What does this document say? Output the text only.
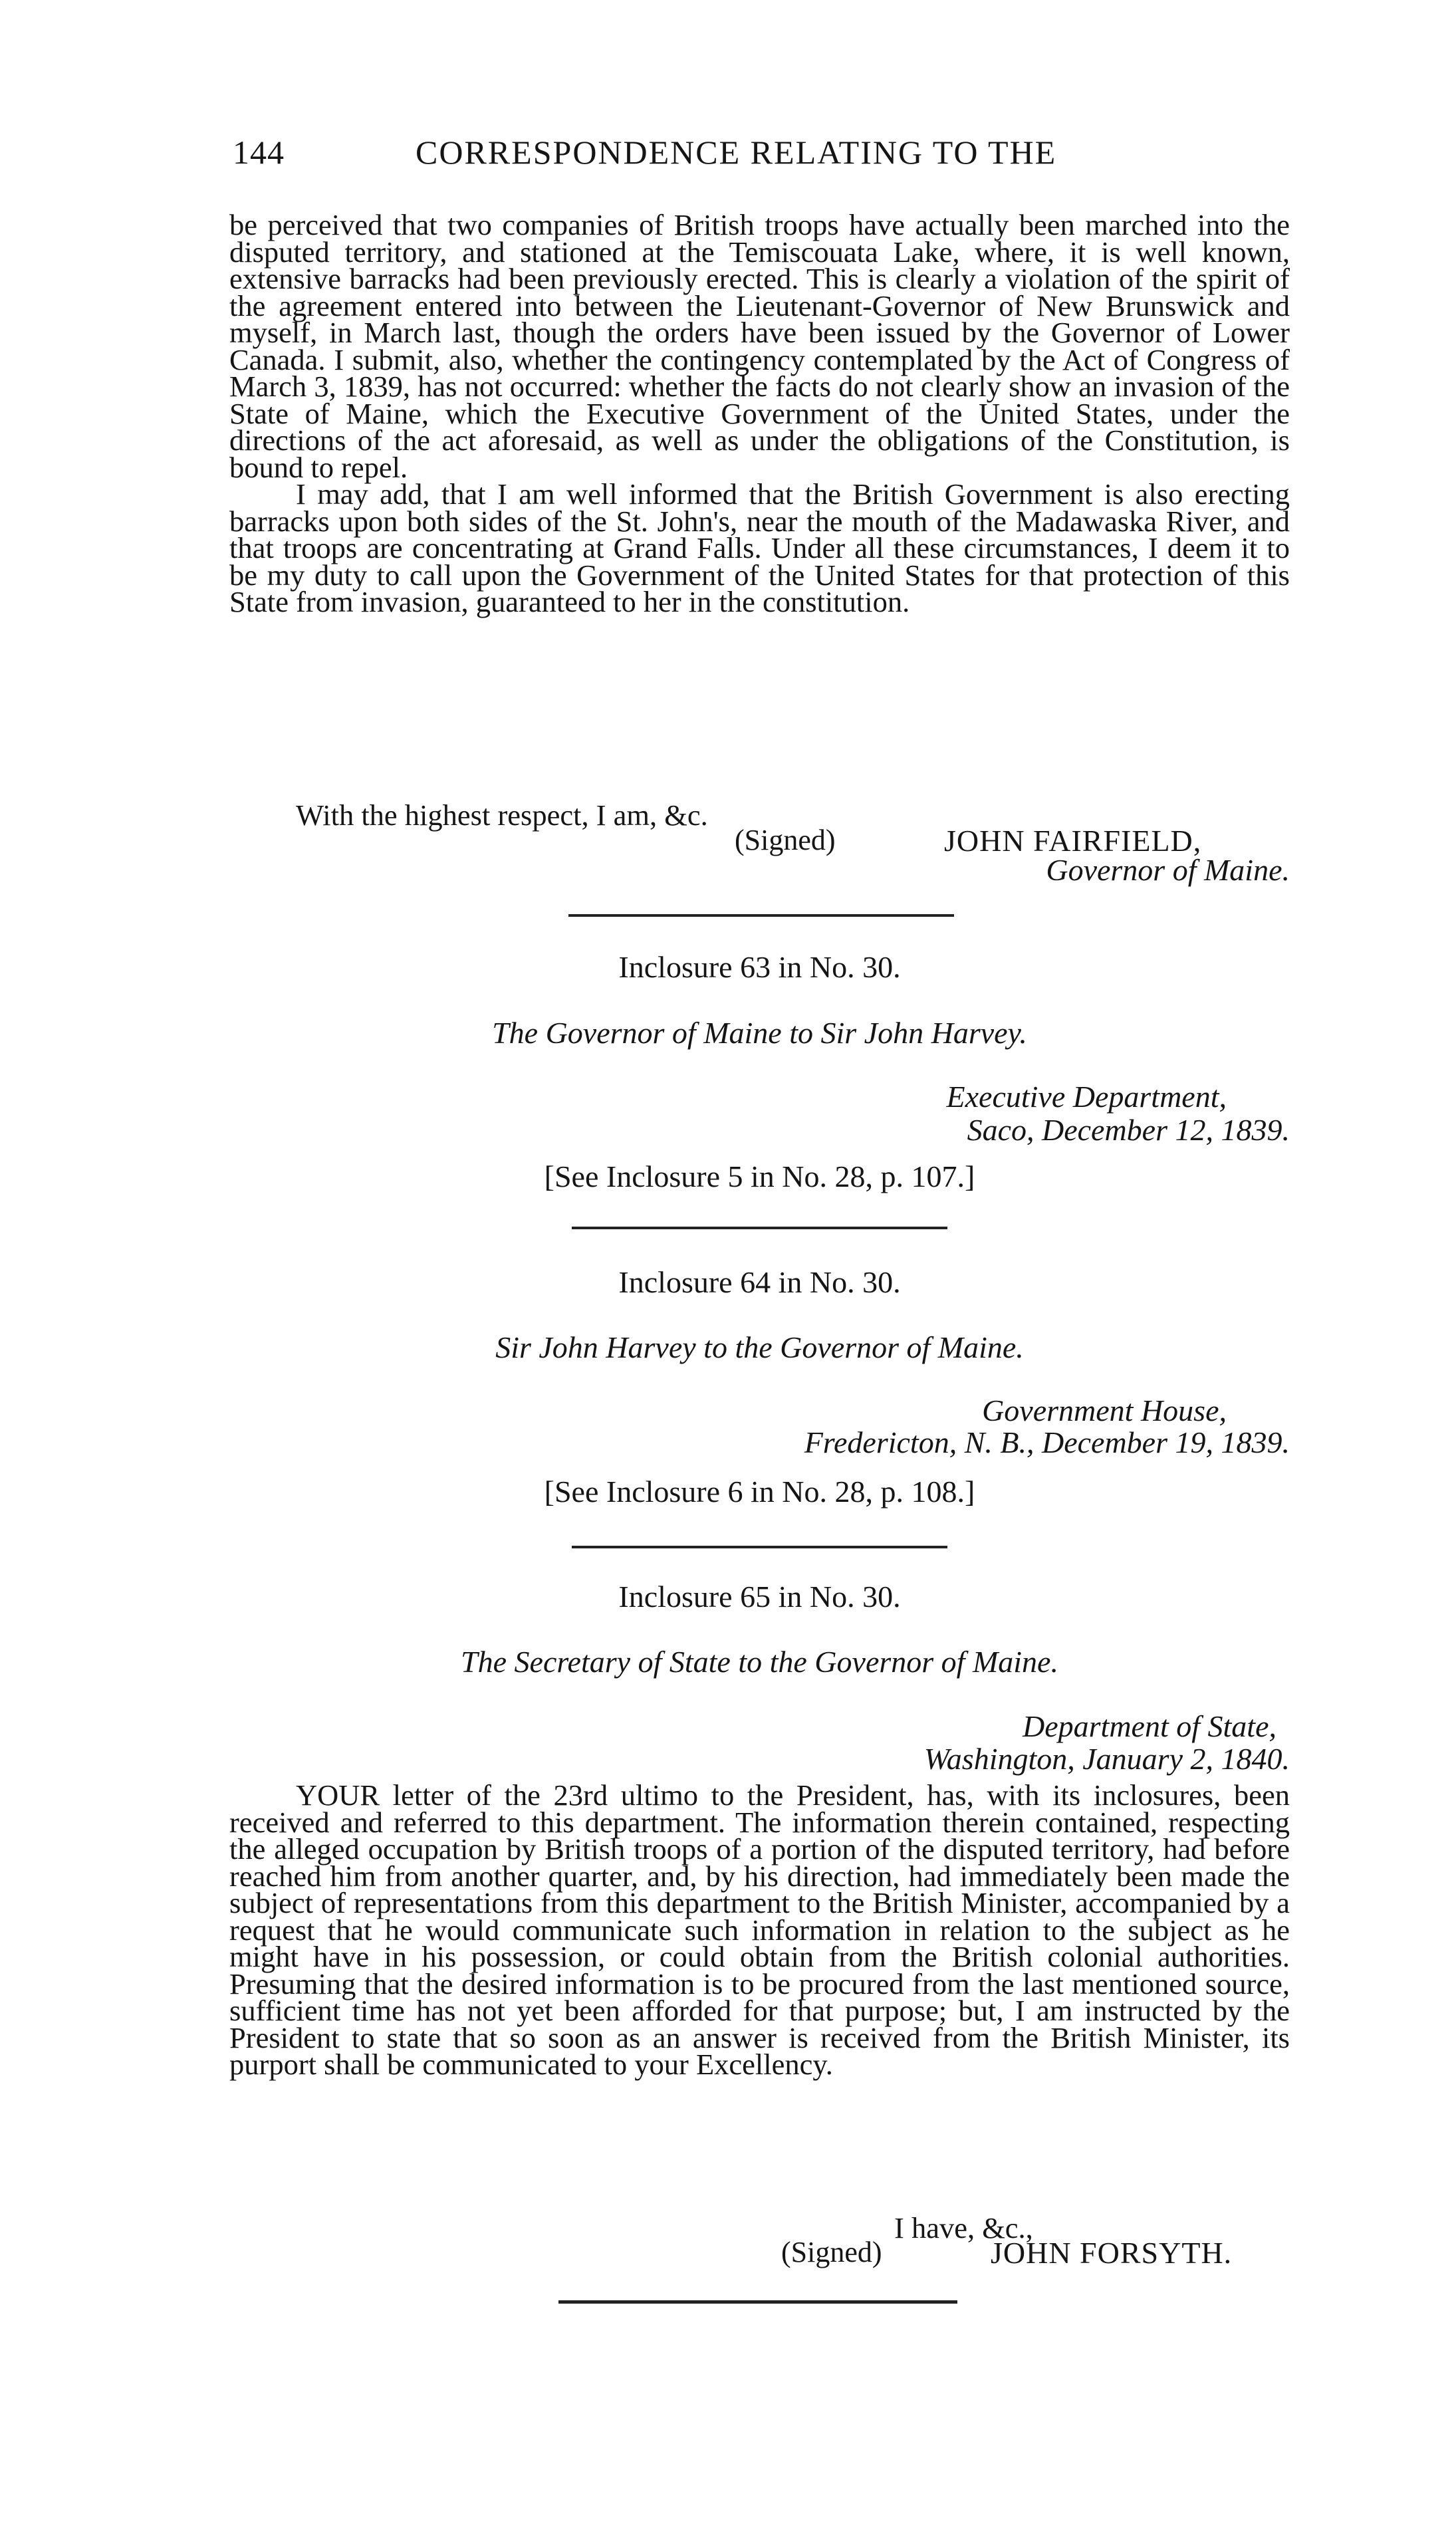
144	CORRESPONDENCE RELATING TO THE

be perceived that two companies of British troops have actually been marched into the disputed territory, and stationed at the Temiscouata Lake, where, it is well known, extensive barracks had been previously erected. This is clearly a violation of the spirit of the agreement entered into between the Lieutenant-Governor of New Brunswick and myself, in March last, though the orders have been issued by the Governor of Lower Canada. I submit, also, whether the contingency contemplated by the Act of Congress of March 3, 1839, has not occurred: whether the facts do not clearly show an invasion of the State of Maine, which the Executive Government of the United States, under the directions of the act aforesaid, as well as under the obligations of the Constitution, is bound to repel.

I may add, that I am well informed that the British Government is also erecting barracks upon both sides of the St. John's, near the mouth of the Madawaska River, and that troops are concentrating at Grand Falls. Under all these circumstances, I deem it to be my duty to call upon the Government of the United States for that protection of this State from invasion, guaranteed to her in the constitution.

With the highest respect, I am, &c.
(Signed)	JOHN FAIRFIELD,
Governor of Maine.
Inclosure 63 in No. 30.
The Governor of Maine to Sir John Harvey.
Executive Department,
Saco, December 12, 1839.
[See Inclosure 5 in No. 28, p. 107.]
Inclosure 64 in No. 30.
Sir John Harvey to the Governor of Maine.
Government House,
Fredericton, N. B., December 19, 1839.
[See Inclosure 6 in No. 28, p. 108.]
Inclosure 65 in No. 30.
The Secretary of State to the Governor of Maine.
Department of State,
Washington, January 2, 1840.

YOUR letter of the 23rd ultimo to the President, has, with its inclosures, been received and referred to this department. The information therein contained, respecting the alleged occupation by British troops of a portion of the disputed territory, had before reached him from another quarter, and, by his direction, had immediately been made the subject of representations from this department to the British Minister, accompanied by a request that he would communicate such information in relation to the subject as he might have in his possession, or could obtain from the British colonial authorities. Presuming that the desired information is to be procured from the last mentioned source, sufficient time has not yet been afforded for that purpose; but, I am instructed by the President to state that so soon as an answer is received from the British Minister, its purport shall be communicated to your Excellency.

I have, &c.,
(Signed)	JOHN FORSYTH.
